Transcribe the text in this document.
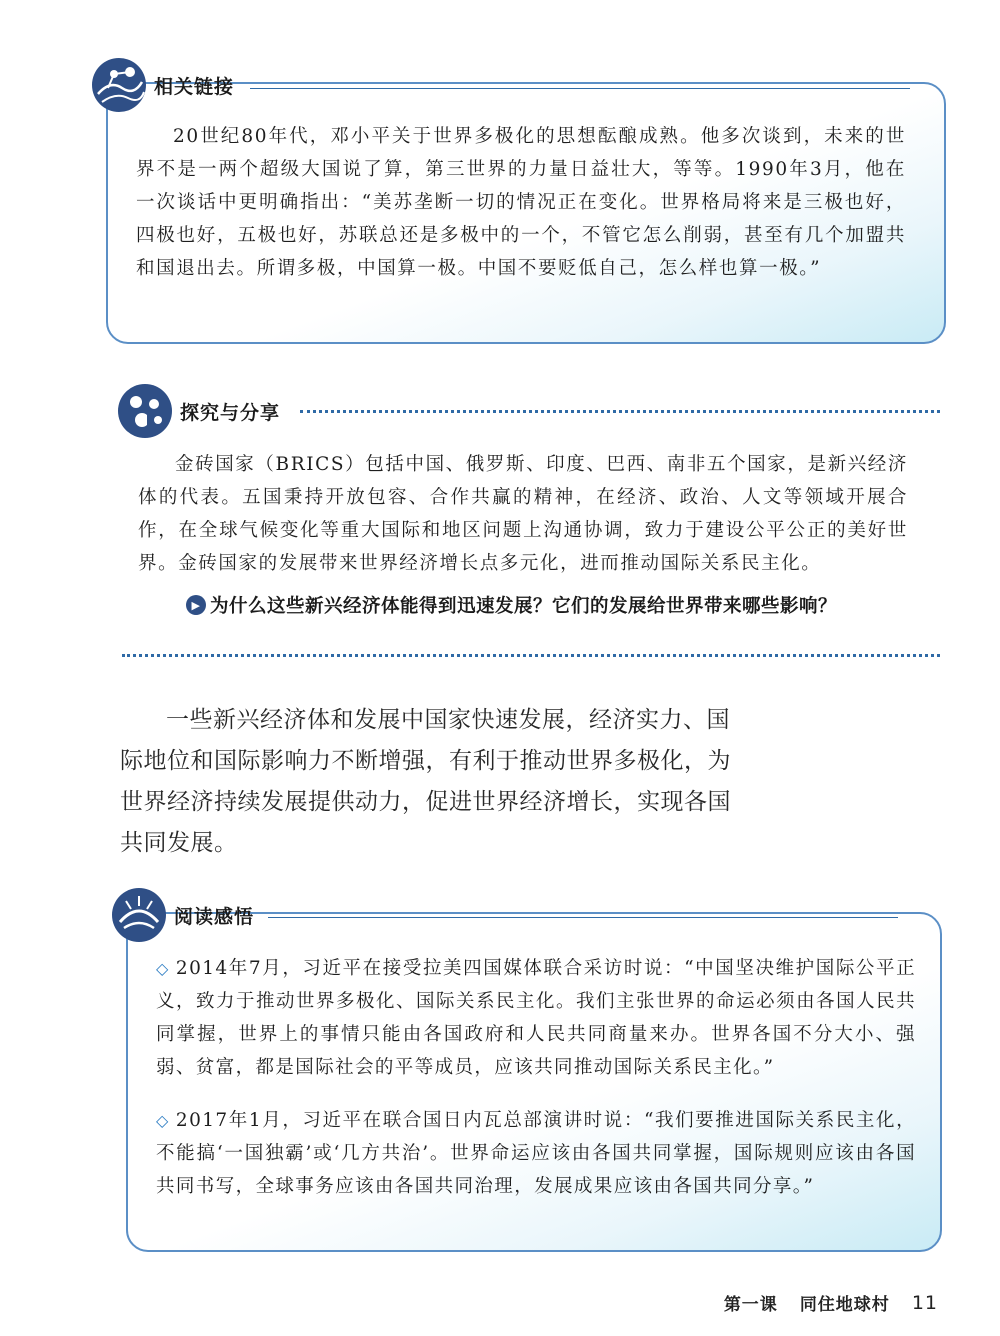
相关链接
20世纪80年代，邓小平关于世界多极化的思想酝酿成熟。他多次谈到，未来的世界不是一两个超级大国说了算，第三世界的力量日益壮大，等等。1990年3月，他在一次谈话中更明确指出：“美苏垄断一切的情况正在变化。世界格局将来是三极也好，四极也好，五极也好，苏联总还是多极中的一个，不管它怎么削弱，甚至有几个加盟共和国退出去。所谓多极，中国算一极。中国不要贬低自己，怎么样也算一极。”
探究与分享
金砖国家（BRICS）包括中国、俄罗斯、印度、巴西、南非五个国家，是新兴经济体的代表。五国秉持开放包容、合作共赢的精神，在经济、政治、人文等领域开展合作，在全球气候变化等重大国际和地区问题上沟通协调，致力于建设公平公正的美好世界。金砖国家的发展带来世界经济增长点多元化，进而推动国际关系民主化。
▶ 为什么这些新兴经济体能得到迅速发展？它们的发展给世界带来哪些影响？
一些新兴经济体和发展中国家快速发展，经济实力、国际地位和国际影响力不断增强，有利于推动世界多极化，为世界经济持续发展提供动力，促进世界经济增长，实现各国共同发展。
阅读感悟
◇ 2014年7月，习近平在接受拉美四国媒体联合采访时说：“中国坚决维护国际公平正义，致力于推动世界多极化、国际关系民主化。我们主张世界的命运必须由各国人民共同掌握，世界上的事情只能由各国政府和人民共同商量来办。世界各国不分大小、强弱、贫富，都是国际社会的平等成员，应该共同推动国际关系民主化。”
◇ 2017年1月，习近平在联合国日内瓦总部演讲时说：“我们要推进国际关系民主化，不能搞‘一国独霸’或‘几方共治’。世界命运应该由各国共同掌握，国际规则应该由各国共同书写，全球事务应该由各国共同治理，发展成果应该由各国共同分享。”
第一课 同住地球村 11
